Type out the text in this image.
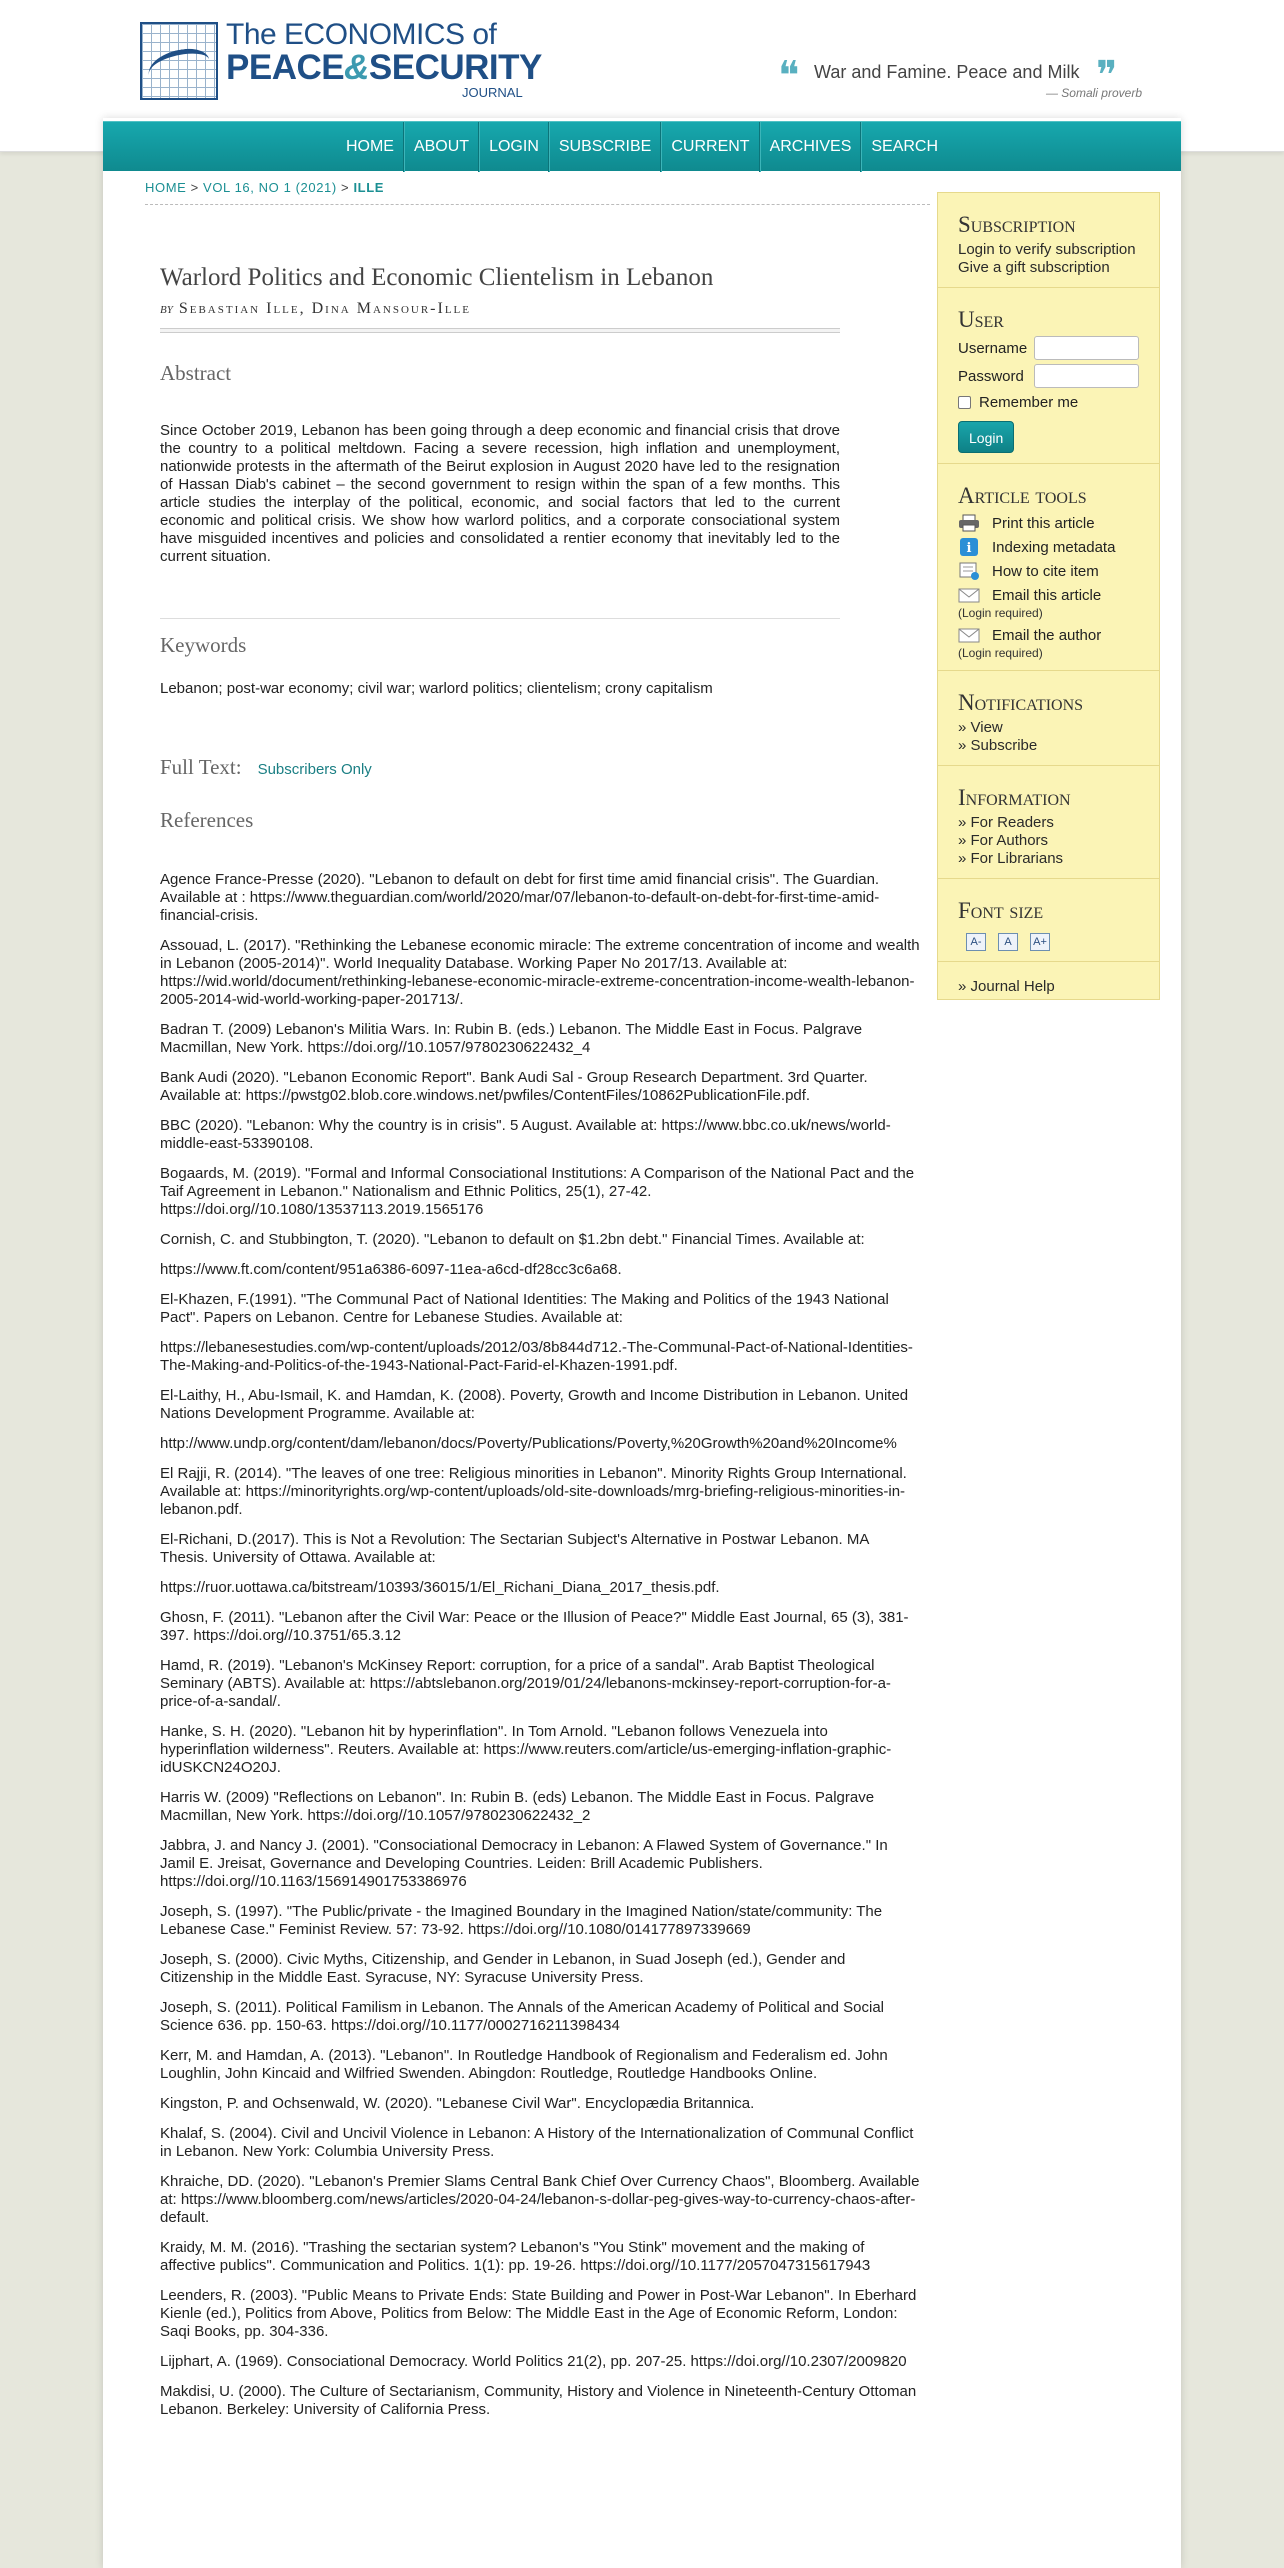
The ECONOMICS of
PEACE&SECURITY
JOURNAL	❝ War and Famine. Peace and Milk ❞
— Somali proverb
HOME	ABOUT	LOGIN	SUBSCRIBE	CURRENT	ARCHIVES	SEARCH
HOME > VOL 16, NO 1 (2021) > ILLE
Warlord Politics and Economic Clientelism in Lebanon
by Sebastian Ille, Dina Mansour-Ille
Abstract

Since October 2019, Lebanon has been going through a deep economic and financial crisis that drove the country to a political meltdown. Facing a severe recession, high inflation and unemployment, nationwide protests in the aftermath of the Beirut explosion in August 2020 have led to the resignation of Hassan Diab's cabinet – the second government to resign within the span of a few months. This article studies the interplay of the political, economic, and social factors that led to the current economic and political crisis. We show how warlord politics, and a corporate consociational system have misguided incentives and policies and consolidated a rentier economy that inevitably led to the current situation.

Keywords

Lebanon; post-war economy; civil war; warlord politics; clientelism; crony capitalism

Full Text: Subscribers Only
References

Agence France-Presse (2020). "Lebanon to default on debt for first time amid financial crisis". The Guardian. Available at : https://www.theguardian.com/world/2020/mar/07/lebanon-to-default-on-debt-for-first-time-amid-financial-crisis.

Assouad, L. (2017). "Rethinking the Lebanese economic miracle: The extreme concentration of income and wealth in Lebanon (2005-2014)". World Inequality Database. Working Paper No 2017/13. Available at: https://wid.world/document/rethinking-lebanese-economic-miracle-extreme-concentration-income-wealth-lebanon-2005-2014-wid-world-working-paper-201713/.

Badran T. (2009) Lebanon's Militia Wars. In: Rubin B. (eds.) Lebanon. The Middle East in Focus. Palgrave Macmillan, New York. https://doi.org//10.1057/9780230622432_4

Bank Audi (2020). "Lebanon Economic Report". Bank Audi Sal - Group Research Department. 3rd Quarter. Available at: https://pwstg02.blob.core.windows.net/pwfiles/ContentFiles/10862PublicationFile.pdf.

BBC (2020). "Lebanon: Why the country is in crisis". 5 August. Available at: https://www.bbc.co.uk/news/world-middle-east-53390108.

Bogaards, M. (2019). "Formal and Informal Consociational Institutions: A Comparison of the National Pact and the Taif Agreement in Lebanon." Nationalism and Ethnic Politics, 25(1), 27-42. https://doi.org//10.1080/13537113.2019.1565176

Cornish, C. and Stubbington, T. (2020). "Lebanon to default on $1.2bn debt." Financial Times. Available at:

https://www.ft.com/content/951a6386-6097-11ea-a6cd-df28cc3c6a68.

El-Khazen, F.(1991). "The Communal Pact of National Identities: The Making and Politics of the 1943 National Pact". Papers on Lebanon. Centre for Lebanese Studies. Available at:

https://lebanesestudies.com/wp-content/uploads/2012/03/8b844d712.-The-Communal-Pact-of-National-Identities-The-Making-and-Politics-of-the-1943-National-Pact-Farid-el-Khazen-1991.pdf.

El-Laithy, H., Abu-Ismail, K. and Hamdan, K. (2008). Poverty, Growth and Income Distribution in Lebanon. United Nations Development Programme. Available at:

http://www.undp.org/content/dam/lebanon/docs/Poverty/Publications/Poverty,%20Growth%20and%20Income%

El Rajji, R. (2014). "The leaves of one tree: Religious minorities in Lebanon". Minority Rights Group International. Available at: https://minorityrights.org/wp-content/uploads/old-site-downloads/mrg-briefing-religious-minorities-in-lebanon.pdf.

El-Richani, D.(2017). This is Not a Revolution: The Sectarian Subject's Alternative in Postwar Lebanon. MA Thesis. University of Ottawa. Available at:

https://ruor.uottawa.ca/bitstream/10393/36015/1/El_Richani_Diana_2017_thesis.pdf.

Ghosn, F. (2011). "Lebanon after the Civil War: Peace or the Illusion of Peace?" Middle East Journal, 65 (3), 381-397. https://doi.org//10.3751/65.3.12

Hamd, R. (2019). "Lebanon's McKinsey Report: corruption, for a price of a sandal". Arab Baptist Theological Seminary (ABTS). Available at: https://abtslebanon.org/2019/01/24/lebanons-mckinsey-report-corruption-for-a-price-of-a-sandal/.

Hanke, S. H. (2020). "Lebanon hit by hyperinflation". In Tom Arnold. "Lebanon follows Venezuela into hyperinflation wilderness". Reuters. Available at: https://www.reuters.com/article/us-emerging-inflation-graphic-idUSKCN24O20J.

Harris W. (2009) "Reflections on Lebanon". In: Rubin B. (eds) Lebanon. The Middle East in Focus. Palgrave Macmillan, New York. https://doi.org//10.1057/9780230622432_2

Jabbra, J. and Nancy J. (2001). "Consociational Democracy in Lebanon: A Flawed System of Governance." In Jamil E. Jreisat, Governance and Developing Countries. Leiden: Brill Academic Publishers. https://doi.org//10.1163/156914901753386976

Joseph, S. (1997). "The Public/private - the Imagined Boundary in the Imagined Nation/state/community: The Lebanese Case." Feminist Review. 57: 73-92. https://doi.org//10.1080/014177897339669

Joseph, S. (2000). Civic Myths, Citizenship, and Gender in Lebanon, in Suad Joseph (ed.), Gender and Citizenship in the Middle East. Syracuse, NY: Syracuse University Press.

Joseph, S. (2011). Political Familism in Lebanon. The Annals of the American Academy of Political and Social Science 636. pp. 150-63. https://doi.org//10.1177/0002716211398434

Kerr, M. and Hamdan, A. (2013). "Lebanon". In Routledge Handbook of Regionalism and Federalism ed. John Loughlin, John Kincaid and Wilfried Swenden. Abingdon: Routledge, Routledge Handbooks Online.

Kingston, P. and Ochsenwald, W. (2020). "Lebanese Civil War". Encyclopædia Britannica.

Khalaf, S. (2004). Civil and Uncivil Violence in Lebanon: A History of the Internationalization of Communal Conflict in Lebanon. New York: Columbia University Press.

Khraiche, DD. (2020). "Lebanon's Premier Slams Central Bank Chief Over Currency Chaos", Bloomberg. Available at: https://www.bloomberg.com/news/articles/2020-04-24/lebanon-s-dollar-peg-gives-way-to-currency-chaos-after-default.

Kraidy, M. M. (2016). "Trashing the sectarian system? Lebanon's "You Stink" movement and the making of affective publics". Communication and Politics. 1(1): pp. 19-26. https://doi.org//10.1177/2057047315617943

Leenders, R. (2003). "Public Means to Private Ends: State Building and Power in Post-War Lebanon". In Eberhard Kienle (ed.), Politics from Above, Politics from Below: The Middle East in the Age of Economic Reform, London: Saqi Books, pp. 304-336.

Lijphart, A. (1969). Consociational Democracy. World Politics 21(2), pp. 207-25. https://doi.org//10.2307/2009820

Makdisi, U. (2000). The Culture of Sectarianism, Community, History and Violence in Nineteenth-Century Ottoman Lebanon. Berkeley: University of California Press.

Subscription
Login to verify subscription
Give a gift subscription
User
Username
Password
Remember me
Login
Article tools
Print this article
i Indexing metadata
How to cite item
Email this article
(Login required)
Email the author
(Login required)
Notifications
» View
» Subscribe
Information
» For Readers
» For Authors
» For Librarians
Font size
A-	A	A+
» Journal Help
